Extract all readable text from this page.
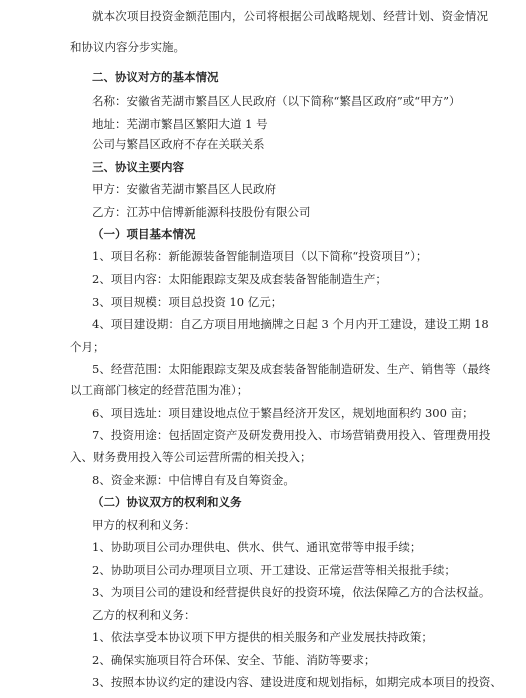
就本次项目投资金额范围内，公司将根据公司战略规划、经营计划、资金情况
和协议内容分步实施。
二、协议对方的基本情况
名称：安徽省芜湖市繁昌区人民政府（以下简称“繁昌区政府”或“甲方”）
地址：芜湖市繁昌区繁阳大道 1 号
公司与繁昌区政府不存在关联关系
三、协议主要内容
甲方：安徽省芜湖市繁昌区人民政府
乙方：江苏中信博新能源科技股份有限公司
（一）项目基本情况
1、项目名称：新能源装备智能制造项目（以下简称“投资项目”）；
2、项目内容：太阳能跟踪支架及成套装备智能制造生产；
3、项目规模：项目总投资 10 亿元；
4、项目建设期：自乙方项目用地摘牌之日起 3 个月内开工建设，建设工期 18
个月；
5、经营范围：太阳能跟踪支架及成套装备智能制造研发、生产、销售等（最终
以工商部门核定的经营范围为准）；
6、项目选址：项目建设地点位于繁昌经济开发区，规划地面积约 300 亩；
7、投资用途：包括固定资产及研发费用投入、市场营销费用投入、管理费用投
入、财务费用投入等公司运营所需的相关投入；
8、资金来源：中信博自有及自筹资金。
（二）协议双方的权利和义务
甲方的权利和义务：
1、协助项目公司办理供电、供水、供气、通讯宽带等申报手续；
2、协助项目公司办理项目立项、开工建设、正常运营等相关报批手续；
3、为项目公司的建设和经营提供良好的投资环境，依法保障乙方的合法权益。
乙方的权利和义务：
1、依法享受本协议项下甲方提供的相关服务和产业发展扶持政策；
2、确保实施项目符合环保、安全、节能、消防等要求；
3、按照本协议约定的建设内容、建设进度和规划指标，如期完成本项目的投资、
